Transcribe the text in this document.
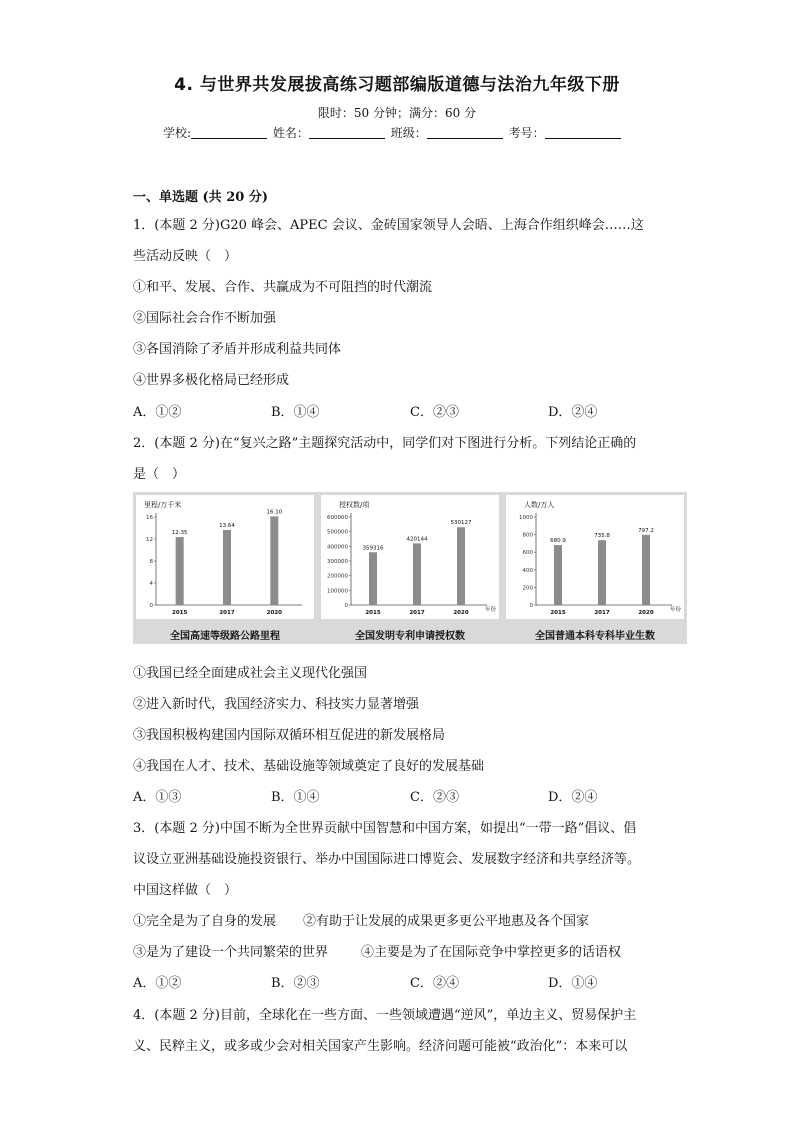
4. 与世界共发展拔高练习题部编版道德与法治九年级下册
限时：50 分钟；满分：60 分
学校:	姓名：	班级：	考号：
一、单选题 (共 20 分)
1．(本题 2 分)G20 峰会、APEC 会议、金砖国家领导人会晤、上海合作组织峰会……这
些活动反映（　）
①和平、发展、合作、共赢成为不可阻挡的时代潮流
②国际社会合作不断加强
③各国消除了矛盾并形成利益共同体
④世界多极化格局已经形成
A．①②	B．①④	C．②③	D．②④
2．(本题 2 分)在“复兴之路”主题探究活动中，同学们对下图进行分析。下列结论正确的
是（　）
里程/万千米
0
4
8
12
16
12.35
2015
13.64
2017
16.10
2020
授权数/项
0
100000
200000
300000
400000
500000
600000
359316
2015
420144
2017
530127
2020	年份
人数/万人
0
200
400
600
800
1000
680.9
2015
735.8
2017
797.2
2020	年份
全国高速等级路公路里程	全国发明专利申请授权数	全国普通本科专科毕业生数
①我国已经全面建成社会主义现代化强国
②进入新时代，我国经济实力、科技实力显著增强
③我国积极构建国内国际双循环相互促进的新发展格局
④我国在人才、技术、基础设施等领域奠定了良好的发展基础
A．①③	B．①④	C．②③	D．②④
3．(本题 2 分)中国不断为全世界贡献中国智慧和中国方案，如提出“一带一路”倡议、倡
议设立亚洲基础设施投资银行、举办中国国际进口博览会、发展数字经济和共享经济等。
中国这样做（　）
①完全是为了自身的发展 ②有助于让发展的成果更多更公平地惠及各个国家
③是为了建设一个共同繁荣的世界	④主要是为了在国际竞争中掌控更多的话语权
A．①②	B．②③	C．②④	D．①④
4．(本题 2 分)目前，全球化在一些方面、一些领域遭遇“逆风”，单边主义、贸易保护主
义、民粹主义，或多或少会对相关国家产生影响。经济问题可能被“政治化”：本来可以
